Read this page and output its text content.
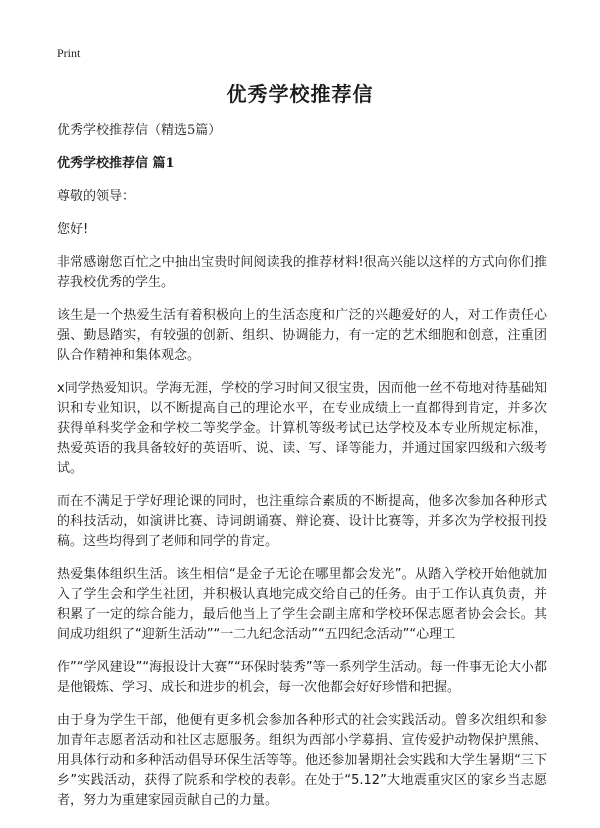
Print
优秀学校推荐信

优秀学校推荐信（精选5篇）

优秀学校推荐信 篇1

尊敬的领导：

您好!

非常感谢您百忙之中抽出宝贵时间阅读我的推荐材料!很高兴能以这样的方式向你们推荐我校优秀的学生。

该生是一个热爱生活有着积极向上的生活态度和广泛的兴趣爱好的人，对工作责任心强、勤恳踏实，有较强的创新、组织、协调能力，有一定的艺术细胞和创意，注重团队合作精神和集体观念。

x同学热爱知识。学海无涯，学校的学习时间又很宝贵，因而他一丝不苟地对待基础知识和专业知识，以不断提高自己的理论水平，在专业成绩上一直都得到肯定，并多次获得单科奖学金和学校二等奖学金。计算机等级考试已达学校及本专业所规定标准，热爱英语的我具备较好的英语听、说、读、写、译等能力，并通过国家四级和六级考试。

而在不满足于学好理论课的同时，也注重综合素质的不断提高，他多次参加各种形式的科技活动，如演讲比赛、诗词朗诵赛、辩论赛、设计比赛等，并多次为学校报刊投稿。这些均得到了老师和同学的肯定。

热爱集体组织生活。该生相信“是金子无论在哪里都会发光”。从踏入学校开始他就加入了学生会和学生社团，并积极认真地完成交给自己的任务。由于工作认真负责，并积累了一定的综合能力，最后他当上了学生会副主席和学校环保志愿者协会会长。其间成功组织了“迎新生活动”“一二九纪念活动”“五四纪念活动”“心理工

作”“学风建设”“海报设计大赛”“环保时装秀”等一系列学生活动。每一件事无论大小都是他锻炼、学习、成长和进步的机会，每一次他都会好好珍惜和把握。

由于身为学生干部，他便有更多机会参加各种形式的社会实践活动。曾多次组织和参加青年志愿者活动和社区志愿服务。组织为西部小学募捐、宣传爱护动物保护黑熊、用具体行动和多种活动倡导环保生活等等。他还参加暑期社会实践和大学生暑期“三下乡”实践活动，获得了院系和学校的表彰。在处于“5.12”大地震重灾区的家乡当志愿者，努力为重建家园贡献自己的力量。
